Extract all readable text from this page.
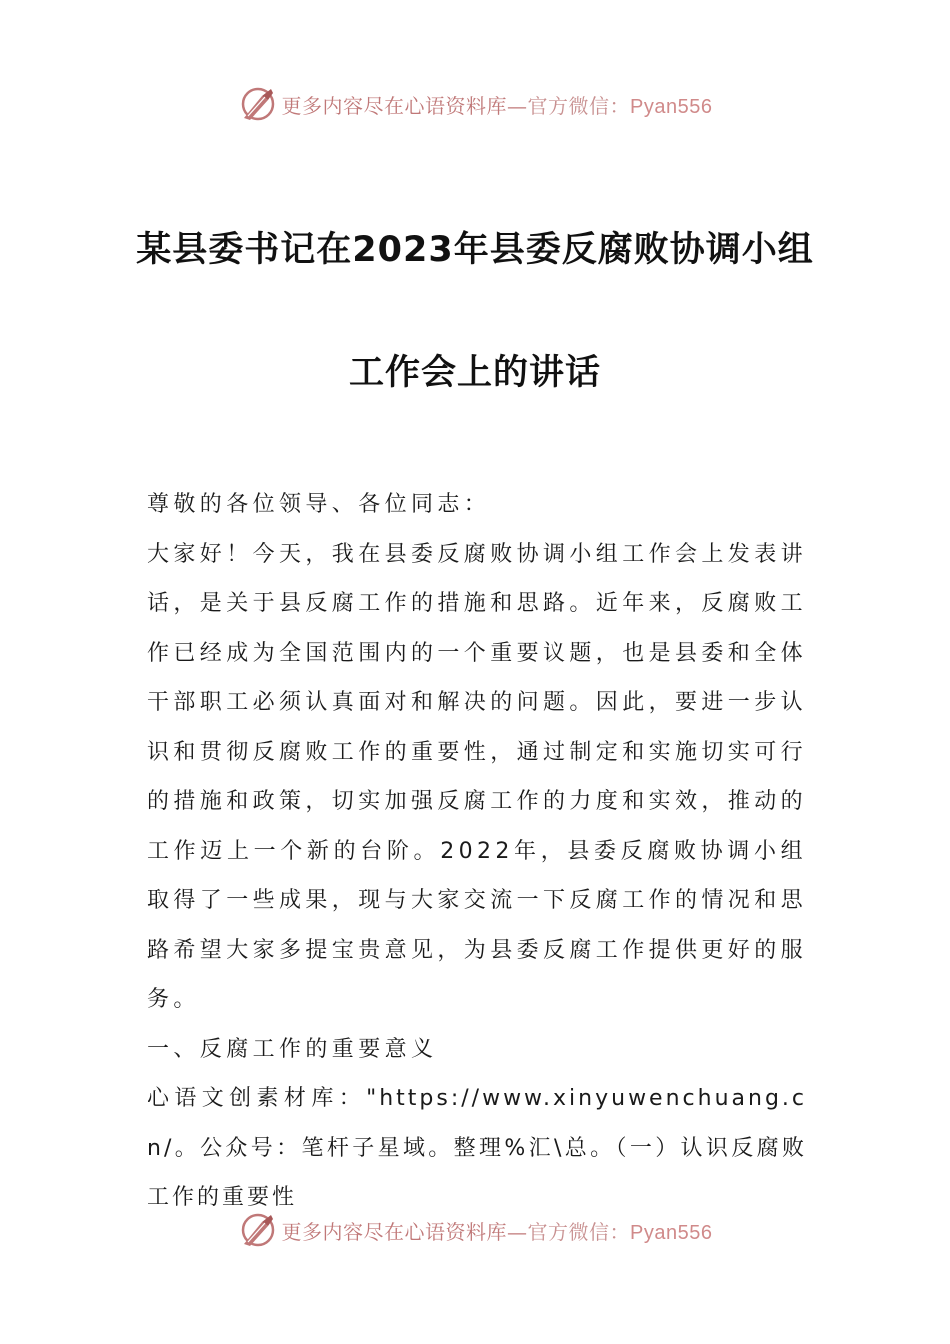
更多内容尽在心语资料库—官方微信：Pyan556
某县委书记在2023年县委反腐败协调小组
工作会上的讲话

尊敬的各位领导、各位同志：

大家好！今天，我在县委反腐败协调小组工作会上发表讲话，是关于县反腐工作的措施和思路。近年来，反腐败工作已经成为全国范围内的一个重要议题，也是县委和全体干部职工必须认真面对和解决的问题。因此，要进一步认识和贯彻反腐败工作的重要性，通过制定和实施切实可行的措施和政策，切实加强反腐工作的力度和实效，推动的工作迈上一个新的台阶。2022年，县委反腐败协调小组取得了一些成果，现与大家交流一下反腐工作的情况和思路希望大家多提宝贵意见，为县委反腐工作提供更好的服务。

一、反腐工作的重要意义

心语文创素材库："https://www.xinyuwenchuang.cn/。公众号：笔杆子星域。整理%汇\总。（一）认识反腐败工作的重要性

更多内容尽在心语资料库—官方微信：Pyan556
